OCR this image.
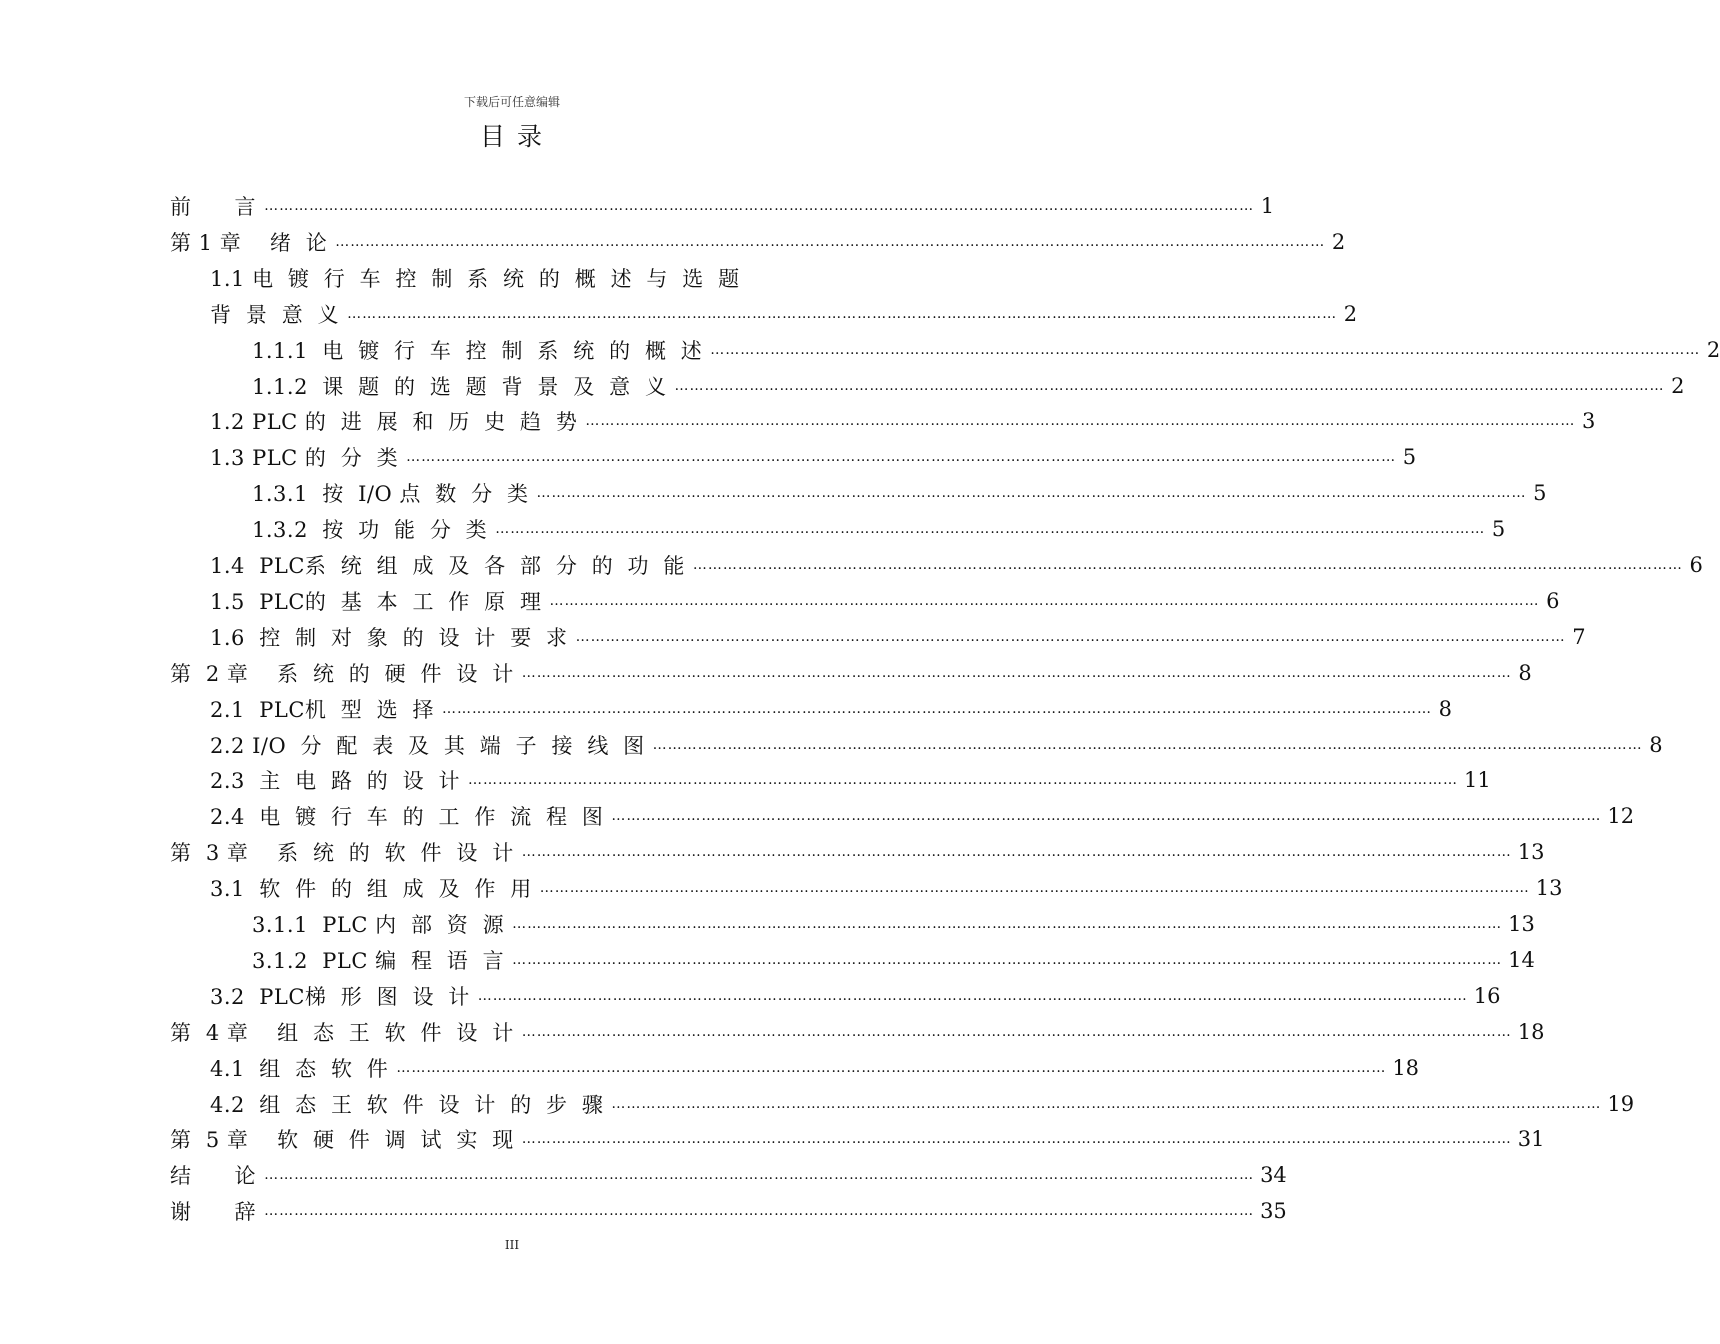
下载后可任意编辑
目 录
前      言 ……………………………………………………………………………………………………………………………………………………………………………… 1
第 1 章    绪  论 ……………………………………………………………………………………………………………………………………………………………………………… 2
1.1 电  镀  行  车  控  制  系  统  的  概  述  与  选  题
背  景  意  义 ……………………………………………………………………………………………………………………………………………………………………………… 2
1.1.1  电  镀  行  车  控  制  系  统  的  概  述 ……………………………………………………………………………………………………………………………………………………………………………… 2
1.1.2  课  题  的  选  题  背  景  及  意  义 ……………………………………………………………………………………………………………………………………………………………………………… 2
1.2 PLC 的  进  展  和  历  史  趋  势 ……………………………………………………………………………………………………………………………………………………………………………… 3
1.3 PLC 的  分  类 ……………………………………………………………………………………………………………………………………………………………………………… 5
1.3.1  按  I/O 点  数  分  类 ……………………………………………………………………………………………………………………………………………………………………………… 5
1.3.2  按  功  能  分  类 ……………………………………………………………………………………………………………………………………………………………………………… 5
1.4  PLC系  统  组  成  及  各  部  分  的  功  能 ……………………………………………………………………………………………………………………………………………………………………………… 6
1.5  PLC的  基  本  工  作  原  理 ……………………………………………………………………………………………………………………………………………………………………………… 6
1.6  控  制  对  象  的  设  计  要  求 ……………………………………………………………………………………………………………………………………………………………………………… 7
第  2 章    系  统  的  硬  件  设  计 ……………………………………………………………………………………………………………………………………………………………………………… 8
2.1  PLC机  型  选  择 ……………………………………………………………………………………………………………………………………………………………………………… 8
2.2 I/O  分  配  表  及  其  端  子  接  线  图 ……………………………………………………………………………………………………………………………………………………………………………… 8
2.3  主  电  路  的  设  计 ……………………………………………………………………………………………………………………………………………………………………………… 11
2.4  电  镀  行  车  的  工  作  流  程  图 ……………………………………………………………………………………………………………………………………………………………………………… 12
第  3 章    系  统  的  软  件  设  计 ……………………………………………………………………………………………………………………………………………………………………………… 13
3.1  软  件  的  组  成  及  作  用 ……………………………………………………………………………………………………………………………………………………………………………… 13
3.1.1  PLC 内  部  资  源 ……………………………………………………………………………………………………………………………………………………………………………… 13
3.1.2  PLC 编  程  语  言 ……………………………………………………………………………………………………………………………………………………………………………… 14
3.2  PLC梯  形  图  设  计 ……………………………………………………………………………………………………………………………………………………………………………… 16
第  4 章    组  态  王  软  件  设  计 ……………………………………………………………………………………………………………………………………………………………………………… 18
4.1  组  态  软  件 ……………………………………………………………………………………………………………………………………………………………………………… 18
4.2  组  态  王  软  件  设  计  的  步  骤 ……………………………………………………………………………………………………………………………………………………………………………… 19
第  5 章    软  硬  件  调  试  实  现 ……………………………………………………………………………………………………………………………………………………………………………… 31
结      论 ……………………………………………………………………………………………………………………………………………………………………………… 34
谢      辞 ……………………………………………………………………………………………………………………………………………………………………………… 35
III
